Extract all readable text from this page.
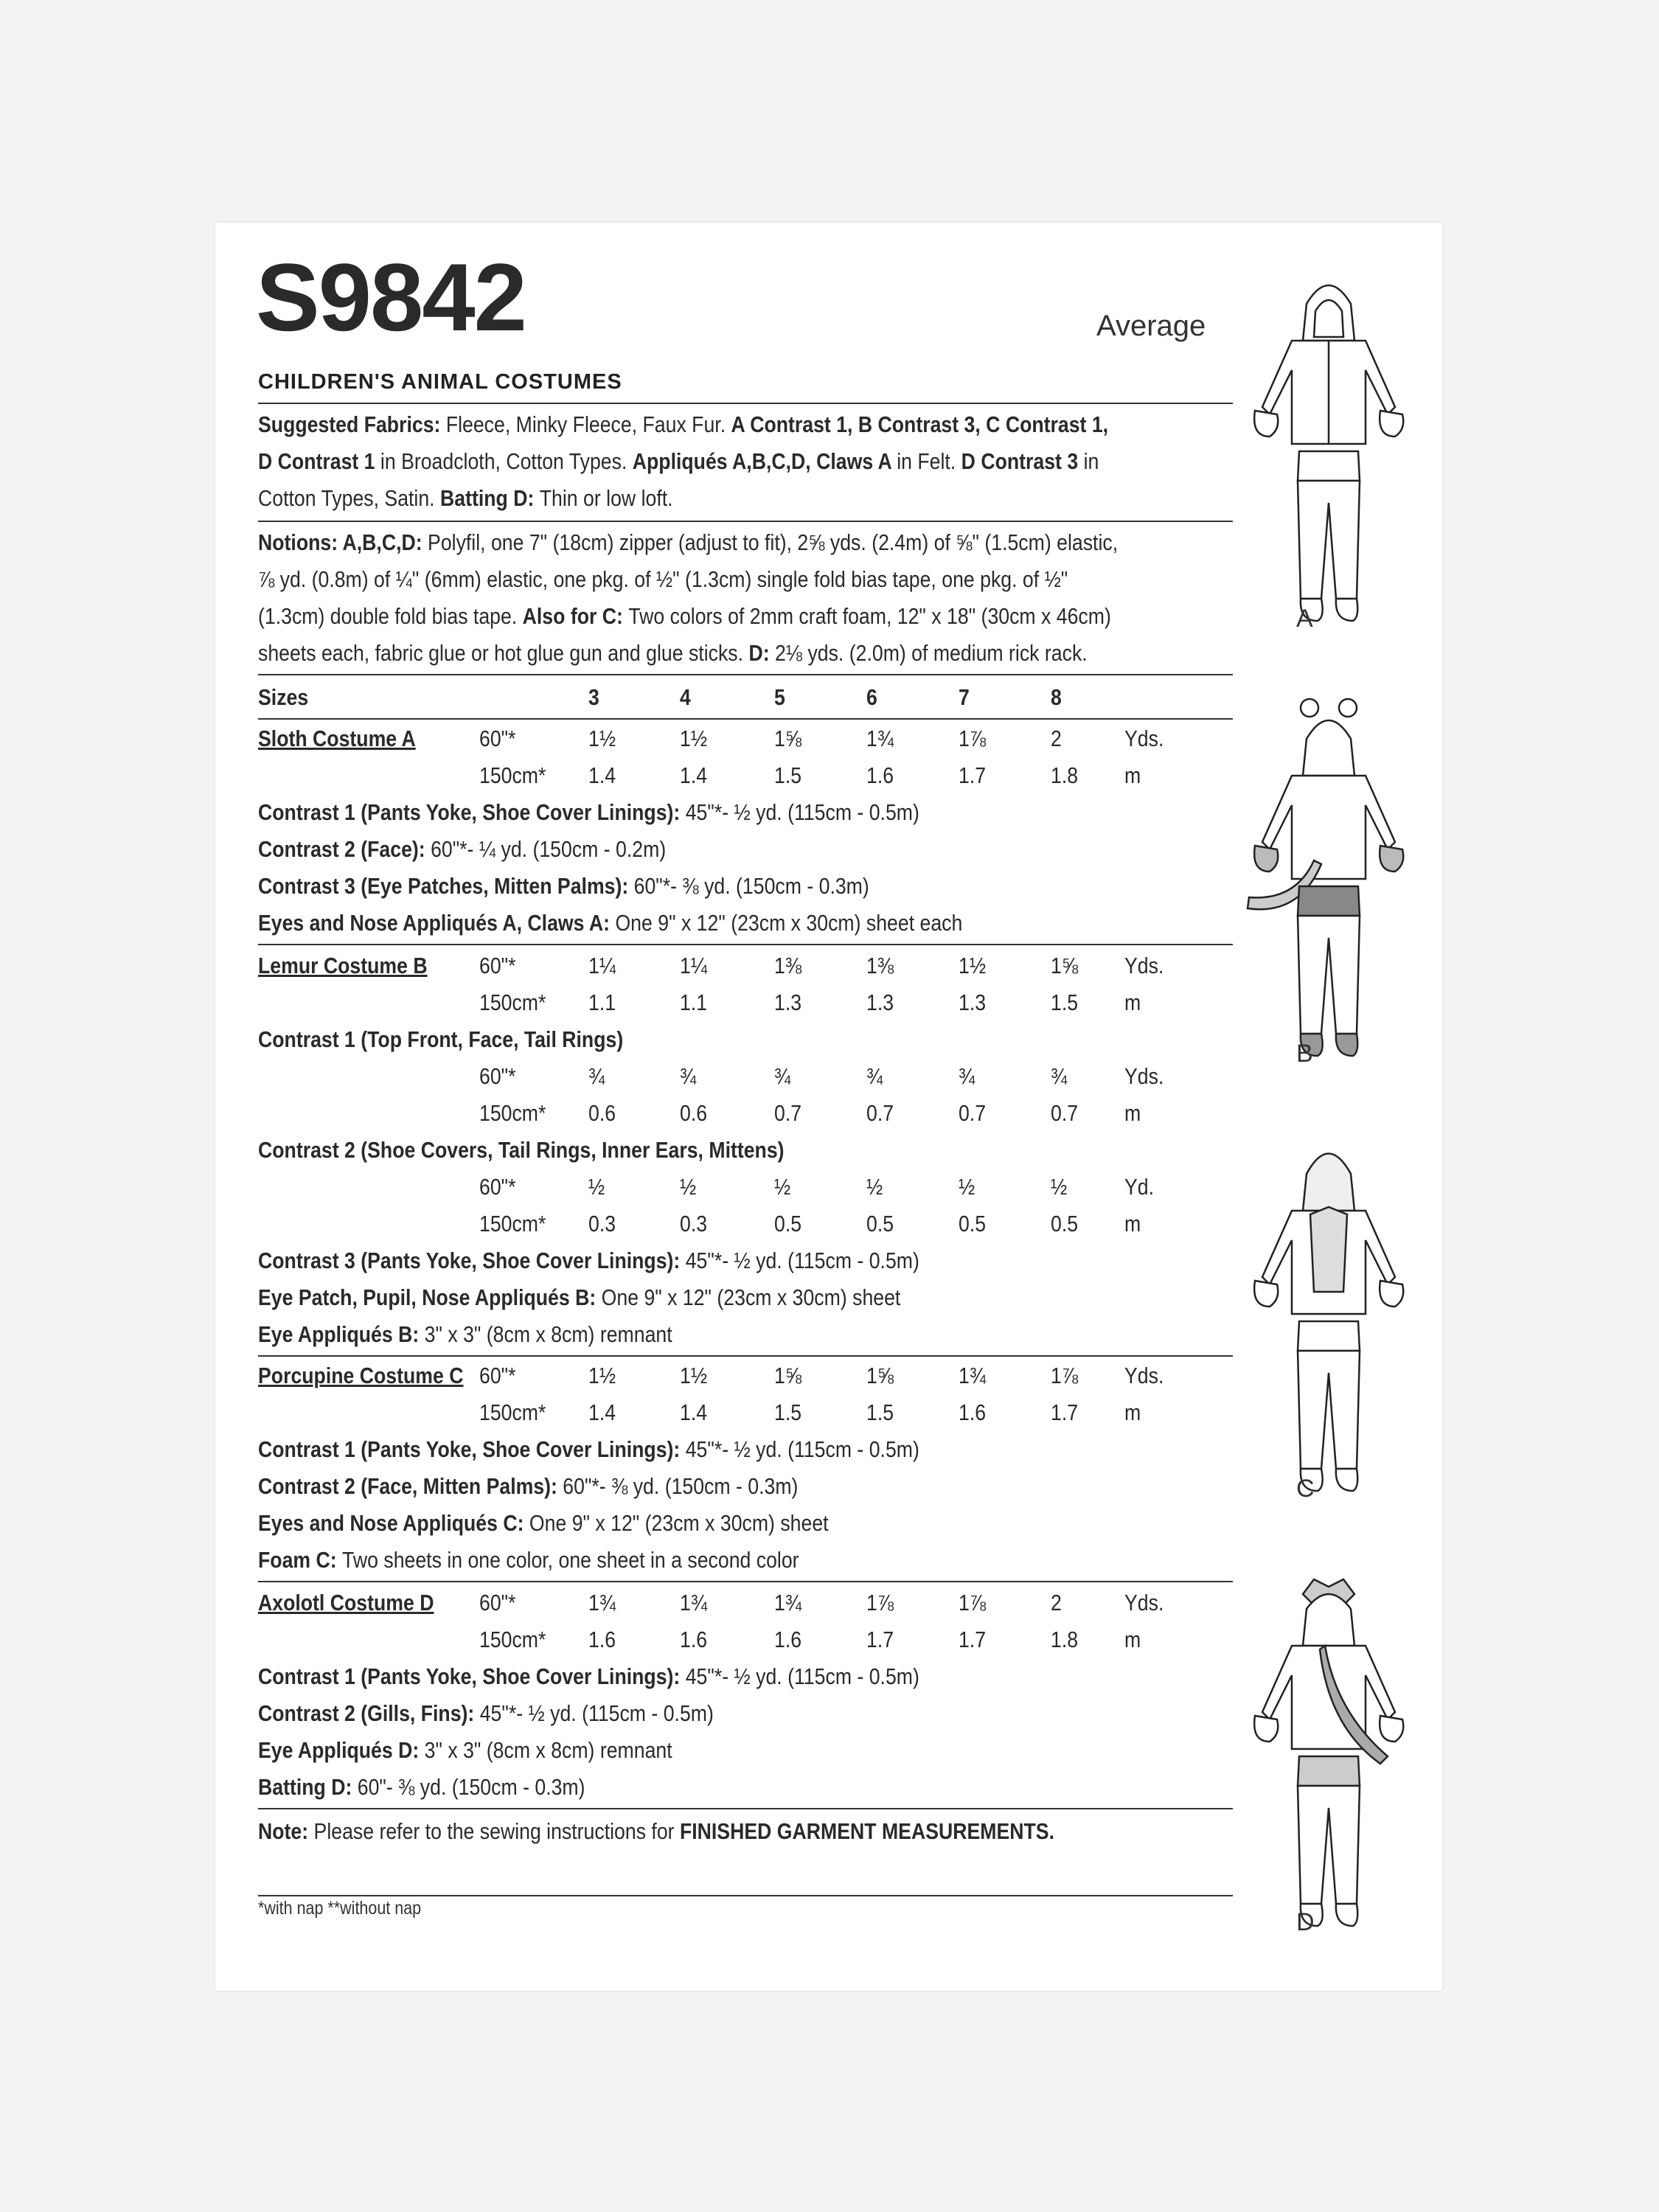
S9842	Average
CHILDREN'S ANIMAL COSTUMES
Suggested Fabrics: Fleece, Minky Fleece, Faux Fur. A Contrast 1, B Contrast 3, C Contrast 1,
D Contrast 1 in Broadcloth, Cotton Types. Appliqués A,B,C,D, Claws A in Felt. D Contrast 3 in
Cotton Types, Satin. Batting D: Thin or low loft.
Notions: A,B,C,D: Polyfil, one 7" (18cm) zipper (adjust to fit), 2⅝ yds. (2.4m) of ⅝" (1.5cm) elastic,
⅞ yd. (0.8m) of ¼" (6mm) elastic, one pkg. of ½" (1.3cm) single fold bias tape, one pkg. of ½"
(1.3cm) double fold bias tape. Also for C: Two colors of 2mm craft foam, 12" x 18" (30cm x 46cm)
sheets each, fabric glue or hot glue gun and glue sticks. D: 2⅛ yds. (2.0m) of medium rick rack.
Sizes	3	4	5	6	7	8
Sloth Costume A	60"*	1½	1½	1⅝	1¾	1⅞	2	Yds.
150cm* 1.4	1.4	1.5	1.6	1.7	1.8 m
Contrast 1 (Pants Yoke, Shoe Cover Linings): 45"*- ½ yd. (115cm - 0.5m)
Contrast 2 (Face): 60"*- ¼ yd. (150cm - 0.2m)
Contrast 3 (Eye Patches, Mitten Palms): 60"*- ⅜ yd. (150cm - 0.3m)
Eyes and Nose Appliqués A, Claws A: One 9" x 12" (23cm x 30cm) sheet each
Lemur Costume B 60"*	1¼	1¼	1⅜	1⅜	1½	1⅝ Yds.
150cm* 1.1	1.1	1.3	1.3	1.3	1.5 m
Contrast 1 (Top Front, Face, Tail Rings)
60"*	¾	¾	¾	¾	¾	¾	Yds.
150cm* 0.6	0.6	0.7	0.7	0.7	0.7 m
Contrast 2 (Shoe Covers, Tail Rings, Inner Ears, Mittens)
60"*	½	½	½	½	½	½	Yd.
150cm* 0.3	0.3	0.5	0.5	0.5	0.5 m
Contrast 3 (Pants Yoke, Shoe Cover Linings): 45"*- ½ yd. (115cm - 0.5m)
Eye Patch, Pupil, Nose Appliqués B: One 9" x 12" (23cm x 30cm) sheet
Eye Appliqués B: 3" x 3" (8cm x 8cm) remnant
Porcupine Costume C 60"*	1½	1½	1⅝	1⅝	1¾	1⅞ Yds.
150cm* 1.4	1.4	1.5	1.5	1.6	1.7 m
Contrast 1 (Pants Yoke, Shoe Cover Linings): 45"*- ½ yd. (115cm - 0.5m)
Contrast 2 (Face, Mitten Palms): 60"*- ⅜ yd. (150cm - 0.3m)
Eyes and Nose Appliqués C: One 9" x 12" (23cm x 30cm) sheet
Foam C: Two sheets in one color, one sheet in a second color
Axolotl Costume D 60"*	1¾	1¾	1¾	1⅞	1⅞	2	Yds.
150cm* 1.6	1.6	1.6	1.7	1.7	1.8 m
Contrast 1 (Pants Yoke, Shoe Cover Linings): 45"*- ½ yd. (115cm - 0.5m)
Contrast 2 (Gills, Fins): 45"*- ½ yd. (115cm - 0.5m)
Eye Appliqués D: 3" x 3" (8cm x 8cm) remnant
Batting D: 60"- ⅜ yd. (150cm - 0.3m)
Note: Please refer to the sewing instructions for FINISHED GARMENT MEASUREMENTS.
*with nap **without nap
A
B
C
D
